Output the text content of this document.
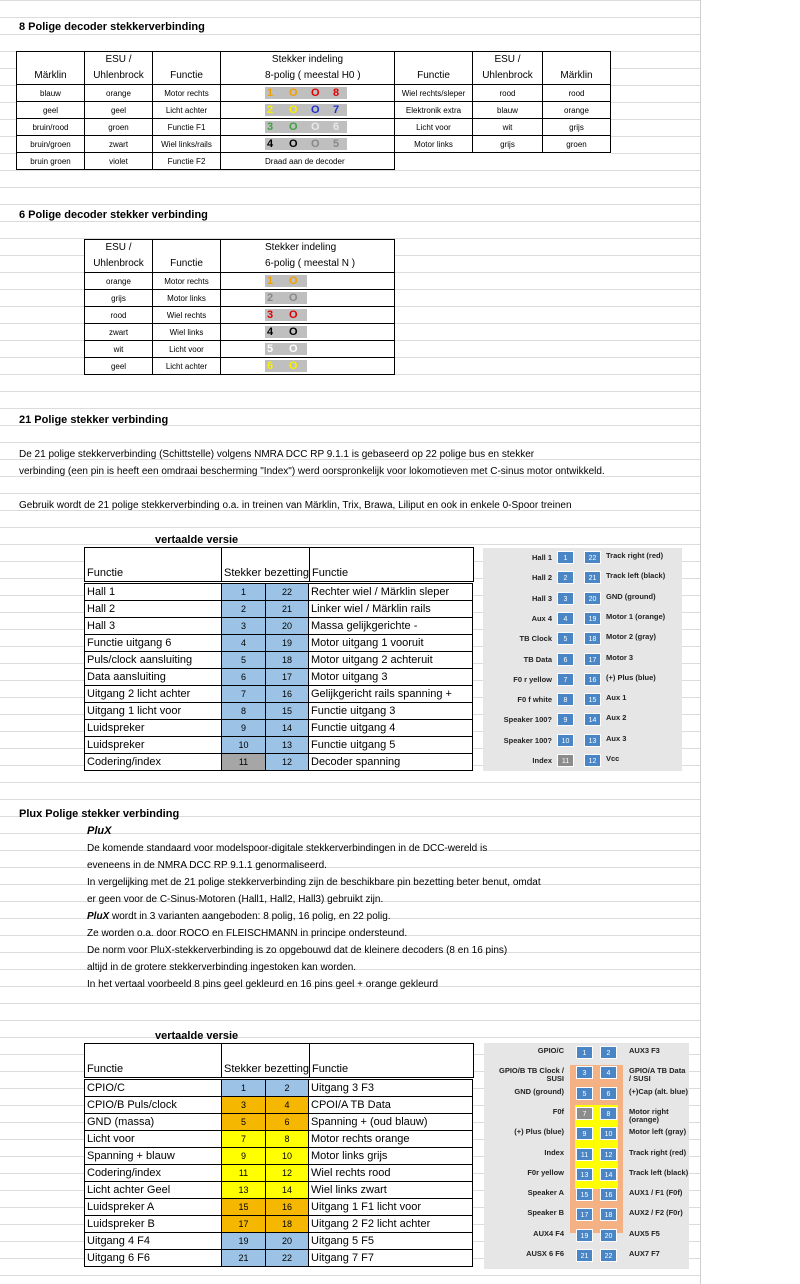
8 Polige decoder stekkerverbinding
	ESU /		Stekker indeling		ESU /	
Märklin	Uhlenbrock	Functie	8-polig ( meestal H0 )	Functie	Uhlenbrock	Märklin
blauw	orange	Motor rechts	1 O O 8	Wiel rechts/sleper	rood	rood
geel	geel	Licht achter	2 O O 7	Elektronik extra	blauw	orange
bruin/rood	groen	Functie F1	3 O O 6	Licht voor	wit	grijs
bruin/groen	zwart	Wiel links/rails	4 O O 5	Motor links	grijs	groen
bruin groen	violet	Functie F2	Draad aan de decoder			
6 Polige decoder stekker verbinding
ESU /		Stekker indeling
Uhlenbrock	Functie	6-polig ( meestal N )
orange	Motor rechts	1 O
grijs	Motor links	2 O
rood	Wiel rechts	3 O
zwart	Wiel links	4 O
wit	Licht voor	5 O
geel	Licht achter	6 O
21 Polige stekker verbinding
De 21 polige stekkerverbinding (Schittstelle) volgens NMRA DCC RP 9.1.1 is gebaseerd op 22 polige bus en stekker
verbinding (een pin is heeft een omdraai bescherming "Index") werd oorspronkelijk voor lokomotieven met C-sinus motor ontwikkeld.
Gebruik wordt de 21 polige stekkerverbinding o.a. in treinen van Märklin, Trix, Brawa, Liliput en ook in enkele 0-Spoor treinen
vertaalde versie

Functie	Stekker bezetting	Functie
Hall 1	1	22	Rechter wiel / Märklin sleper
Hall 2	2	21	Linker wiel / Märklin rails
Hall 3	3	20	Massa gelijkgerichte -
Functie uitgang 6	4	19	Motor uitgang 1 vooruit
Puls/clock aansluiting	5	18	Motor uitgang 2 achteruit
Data aansluiting	6	17	Motor uitgang 3
Uitgang 2 licht achter	7	16	Gelijkgericht rails spanning +
Uitgang 1 licht voor	8	15	Functie uitgang 3
Luidspreker	9	14	Functie uitgang 4
Luidspreker	10	13	Functie uitgang 5
Codering/index	11	12	Decoder spanning
Hall 1	1	22	Track right (red)
Hall 2	2	21	Track left (black)
Hall 3	3	20	GND (ground)
Aux 4	4	19	Motor 1 (orange)
TB Clock	5	18	Motor 2 (gray)
TB Data	6	17	Motor 3
F0 r yellow	7	16	(+) Plus (blue)
F0 f white	8	15	Aux 1
Speaker 100?	9	14	Aux 2
Speaker 100?	10	13	Aux 3
Index	11	12	Vcc
Plux Polige stekker verbinding
PluX
De komende standaard voor modelspoor-digitale stekkerverbindingen in de DCC-wereld is
eveneens in de NMRA DCC RP 9.1.1 genormaliseerd.
In vergelijking met de 21 polige stekkerverbinding zijn de beschikbare pin bezetting beter benut, omdat
er geen voor de C-Sinus-Motoren (Hall1, Hall2, Hall3) gebruikt zijn.
PluX wordt in 3 varianten aangeboden: 8 polig, 16 polig, en 22 polig.
Ze worden o.a. door ROCO en FLEISCHMANN in principe ondersteund.
De norm voor PluX-stekkerverbinding is zo opgebouwd dat de kleinere decoders (8 en 16 pins)
altijd in de grotere stekkerverbinding ingestoken kan worden.
In het vertaal voorbeeld 8 pins geel gekleurd en 16 pins geel + orange gekleurd
vertaalde versie

Functie	Stekker bezetting	Functie
CPIO/C	1	2	Uitgang 3 F3
CPIO/B Puls/clock	3	4	CPOI/A TB Data
GND (massa)	5	6	Spanning + (oud blauw)
Licht voor	7	8	Motor rechts orange
Spanning + blauw	9	10	Motor links grijs
Codering/index	11	12	Wiel rechts rood
Licht achter Geel	13	14	Wiel links zwart
Luidspreker A	15	16	Uitgang 1 F1 licht voor
Luidspreker B	17	18	Uitgang 2 F2 licht achter
Uitgang 4 F4	19	20	Uitgang 5 F5
Uitgang 6 F6	21	22	Uitgang 7 F7
GPIO/C	1	2	AUX3 F3
GPIO/B TB Clock / SUSI
3	4	GPIO/A TB Data / SUSI
GND (ground)	5	6	(+)Cap (alt. blue)
F0f	7	8	Motor right (orange)
(+) Plus (blue)	9	10	Motor left (gray)
Index	11	12	Track right (red)
F0r yellow	13	14	Track left (black)
Speaker A	15	16	AUX1 / F1 (F0f)
Speaker B	17	18	AUX2 / F2 (F0r)
AUX4 F4	19	20	AUX5 F5
AUSX 6 F6	21	22	AUX7 F7
